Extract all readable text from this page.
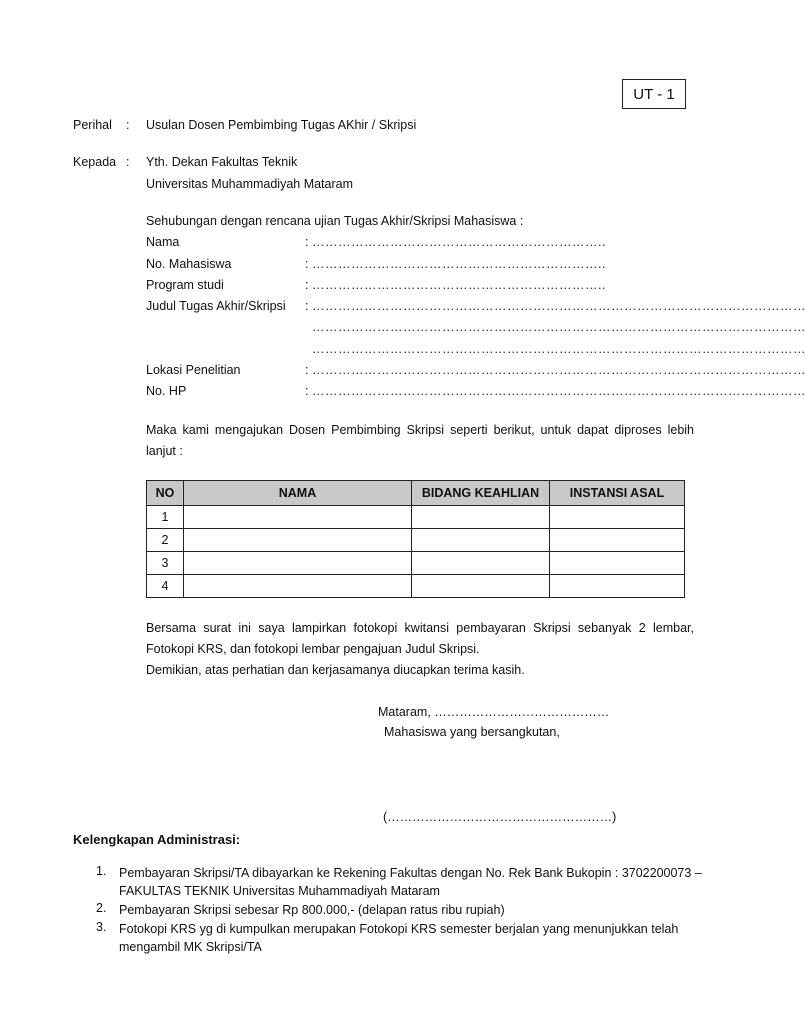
UT - 1
Perihal : Usulan Dosen Pembimbing Tugas AKhir / Skripsi
Kepada : Yth. Dekan Fakultas Teknik
Universitas Muhammadiyah Mataram
Sehubungan dengan rencana ujian Tugas Akhir/Skripsi Mahasiswa :
Nama	: …………………………………………………………..
No. Mahasiswa	: …………………………………………………………..
Program studi	: …………………………………………………………..
Judul Tugas Akhir/Skripsi : ……………………………………………………………………………………………………
……………………………………………………………………………………………………
……………………………………………………………………………………………………
Lokasi Penelitian	: ……………………………………………………………………………………………………
No. HP	: ……………………………………………………………………………………………………
Maka kami mengajukan Dosen Pembimbing Skripsi seperti berikut, untuk dapat diproses lebih lanjut :
NO	NAMA	BIDANG KEAHLIAN	INSTANSI ASAL
1			
2			
3			
4			
Bersama surat ini saya lampirkan fotokopi kwitansi pembayaran Skripsi sebanyak 2 lembar, Fotokopi KRS, dan fotokopi lembar pengajuan Judul Skripsi.
Demikian, atas perhatian dan kerjasamanya diucapkan terima kasih.
Mataram, ……………………………………
Mahasiswa yang bersangkutan,
(………………………………………………)
Kelengkapan Administrasi:
1. Pembayaran Skripsi/TA dibayarkan ke Rekening Fakultas dengan No. Rek Bank Bukopin : 3702200073 – FAKULTAS TEKNIK Universitas Muhammadiyah Mataram
2. Pembayaran Skripsi sebesar Rp 800.000,- (delapan ratus ribu rupiah)
3. Fotokopi KRS yg di kumpulkan merupakan Fotokopi KRS semester berjalan yang menunjukkan telah mengambil MK Skripsi/TA
